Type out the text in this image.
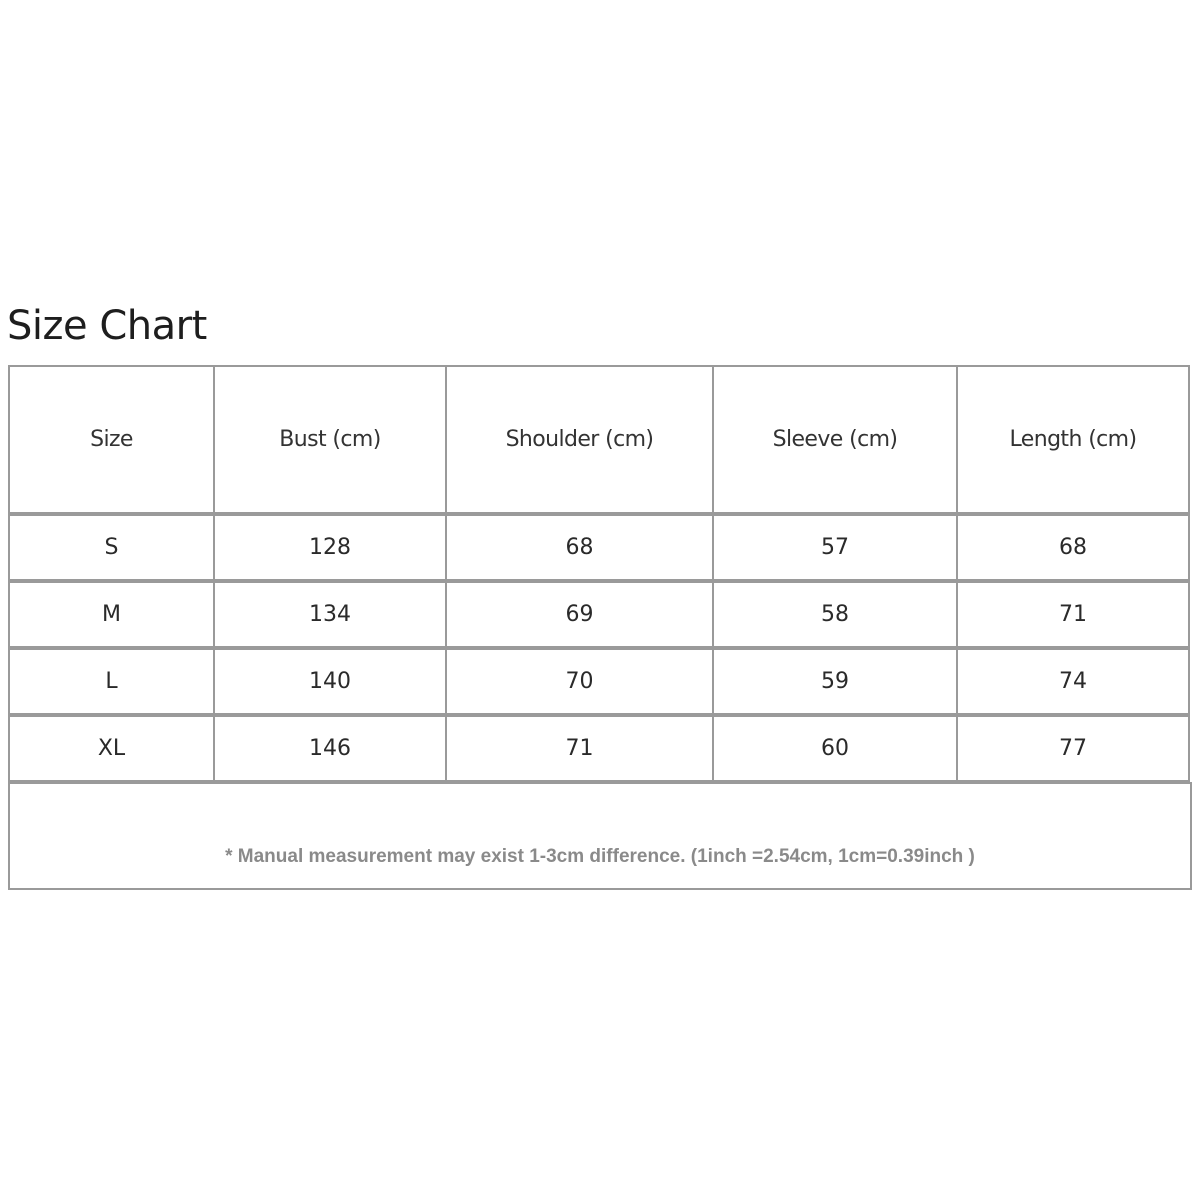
Size Chart
Size	Bust (cm)	Shoulder (cm)	Sleeve (cm)	Length (cm)
S	128	68	57	68
M	134	69	58	71
L	140	70	59	74
XL	146	71	60	77
* Manual measurement may exist 1-3cm difference. (1inch =2.54cm, 1cm=0.39inch )
